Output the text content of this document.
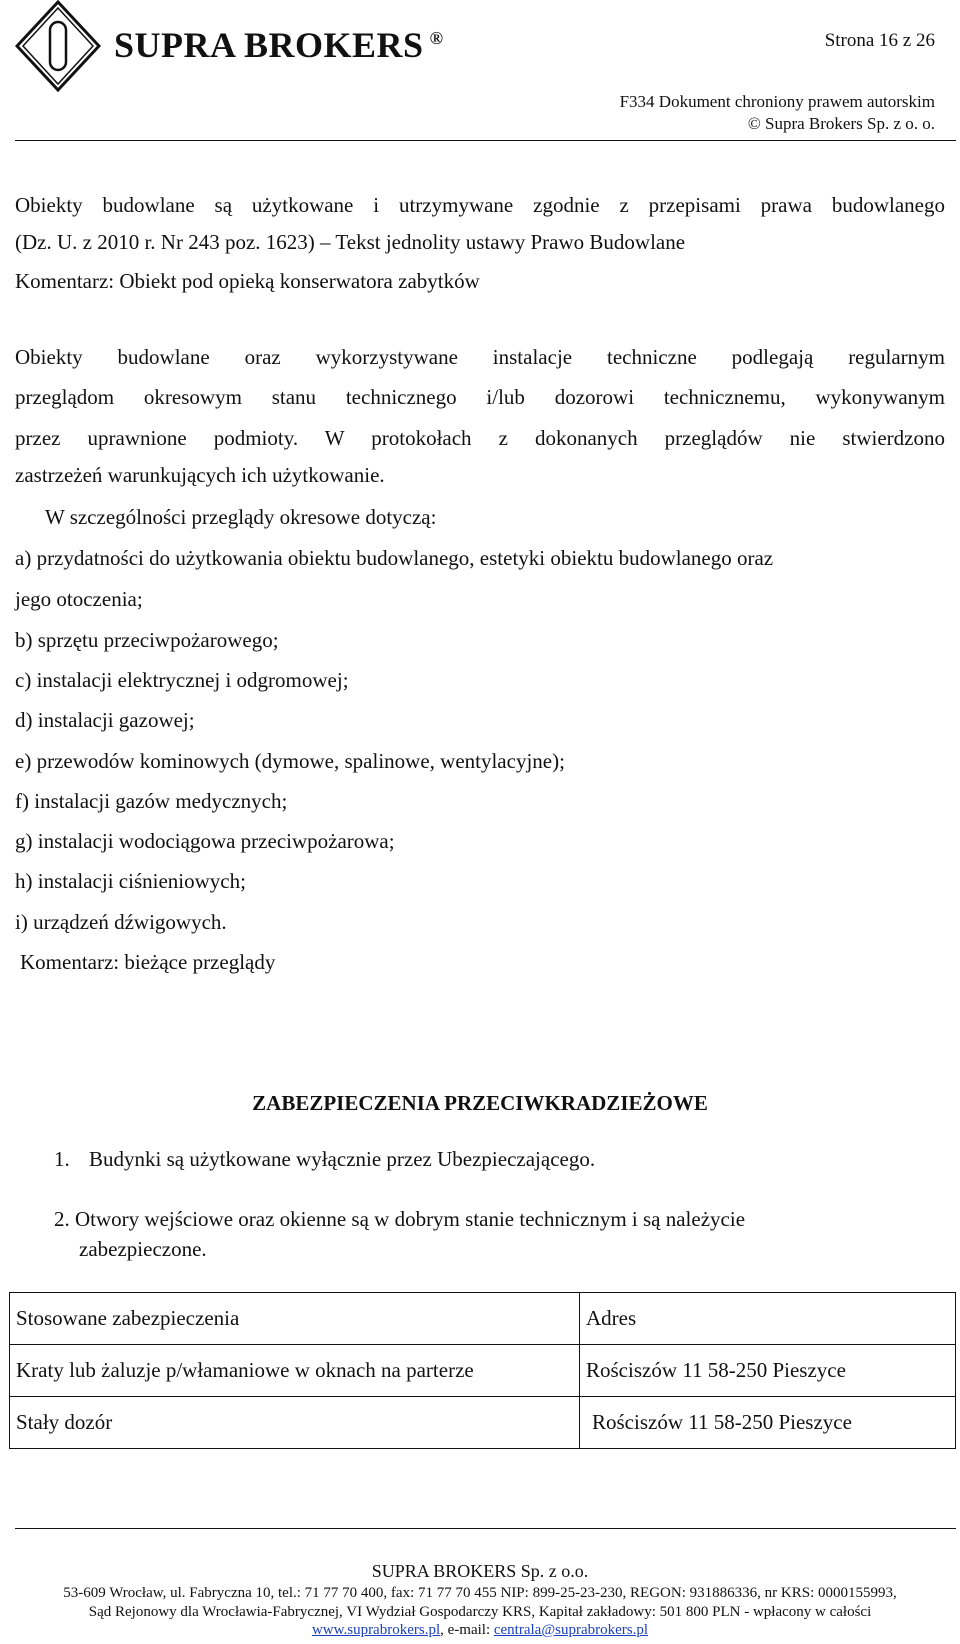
SUPRA BROKERS ®	Strona 16 z 26
F334 Dokument chroniony prawem autorskim
© Supra Brokers Sp. z o. o.
Obiekty budowlane są użytkowane i utrzymywane zgodnie z przepisami prawa budowlanego
(Dz. U. z 2010 r. Nr 243 poz. 1623) – Tekst jednolity ustawy Prawo Budowlane
Komentarz: Obiekt pod opieką konserwatora zabytków
Obiekty budowlane oraz wykorzystywane instalacje techniczne podlegają regularnym
przeglądom okresowym stanu technicznego i/lub dozorowi technicznemu, wykonywanym
przez uprawnione podmioty. W protokołach z dokonanych przeglądów nie stwierdzono
zastrzeżeń warunkujących ich użytkowanie.
W szczególności przeglądy okresowe dotyczą:
a) przydatności do użytkowania obiektu budowlanego, estetyki obiektu budowlanego oraz
jego otoczenia;
b) sprzętu przeciwpożarowego;
c) instalacji elektrycznej i odgromowej;
d) instalacji gazowej;
e) przewodów kominowych (dymowe, spalinowe, wentylacyjne);
f) instalacji gazów medycznych;
g) instalacji wodociągowa przeciwpożarowa;
h) instalacji ciśnieniowych;
i) urządzeń dźwigowych.
Komentarz: bieżące przeglądy
ZABEZPIECZENIA PRZECIWKRADZIEŻOWE
1. Budynki są użytkowane wyłącznie przez Ubezpieczającego.
2. Otwory wejściowe oraz okienne są w dobrym stanie technicznym i są należycie
zabezpieczone.
Stosowane zabezpieczenia	Adres
Kraty lub żaluzje p/włamaniowe w oknach na parterze	Rościszów 11 58-250 Pieszyce
Stały dozór	Rościszów 11 58-250 Pieszyce
SUPRA BROKERS Sp. z o.o.
53-609 Wrocław, ul. Fabryczna 10, tel.: 71 77 70 400, fax: 71 77 70 455 NIP: 899-25-23-230, REGON: 931886336, nr KRS: 0000155993,
Sąd Rejonowy dla Wrocławia-Fabrycznej, VI Wydział Gospodarczy KRS, Kapitał zakładowy: 501 800 PLN - wpłacony w całości
www.suprabrokers.pl, e-mail: centrala@suprabrokers.pl
